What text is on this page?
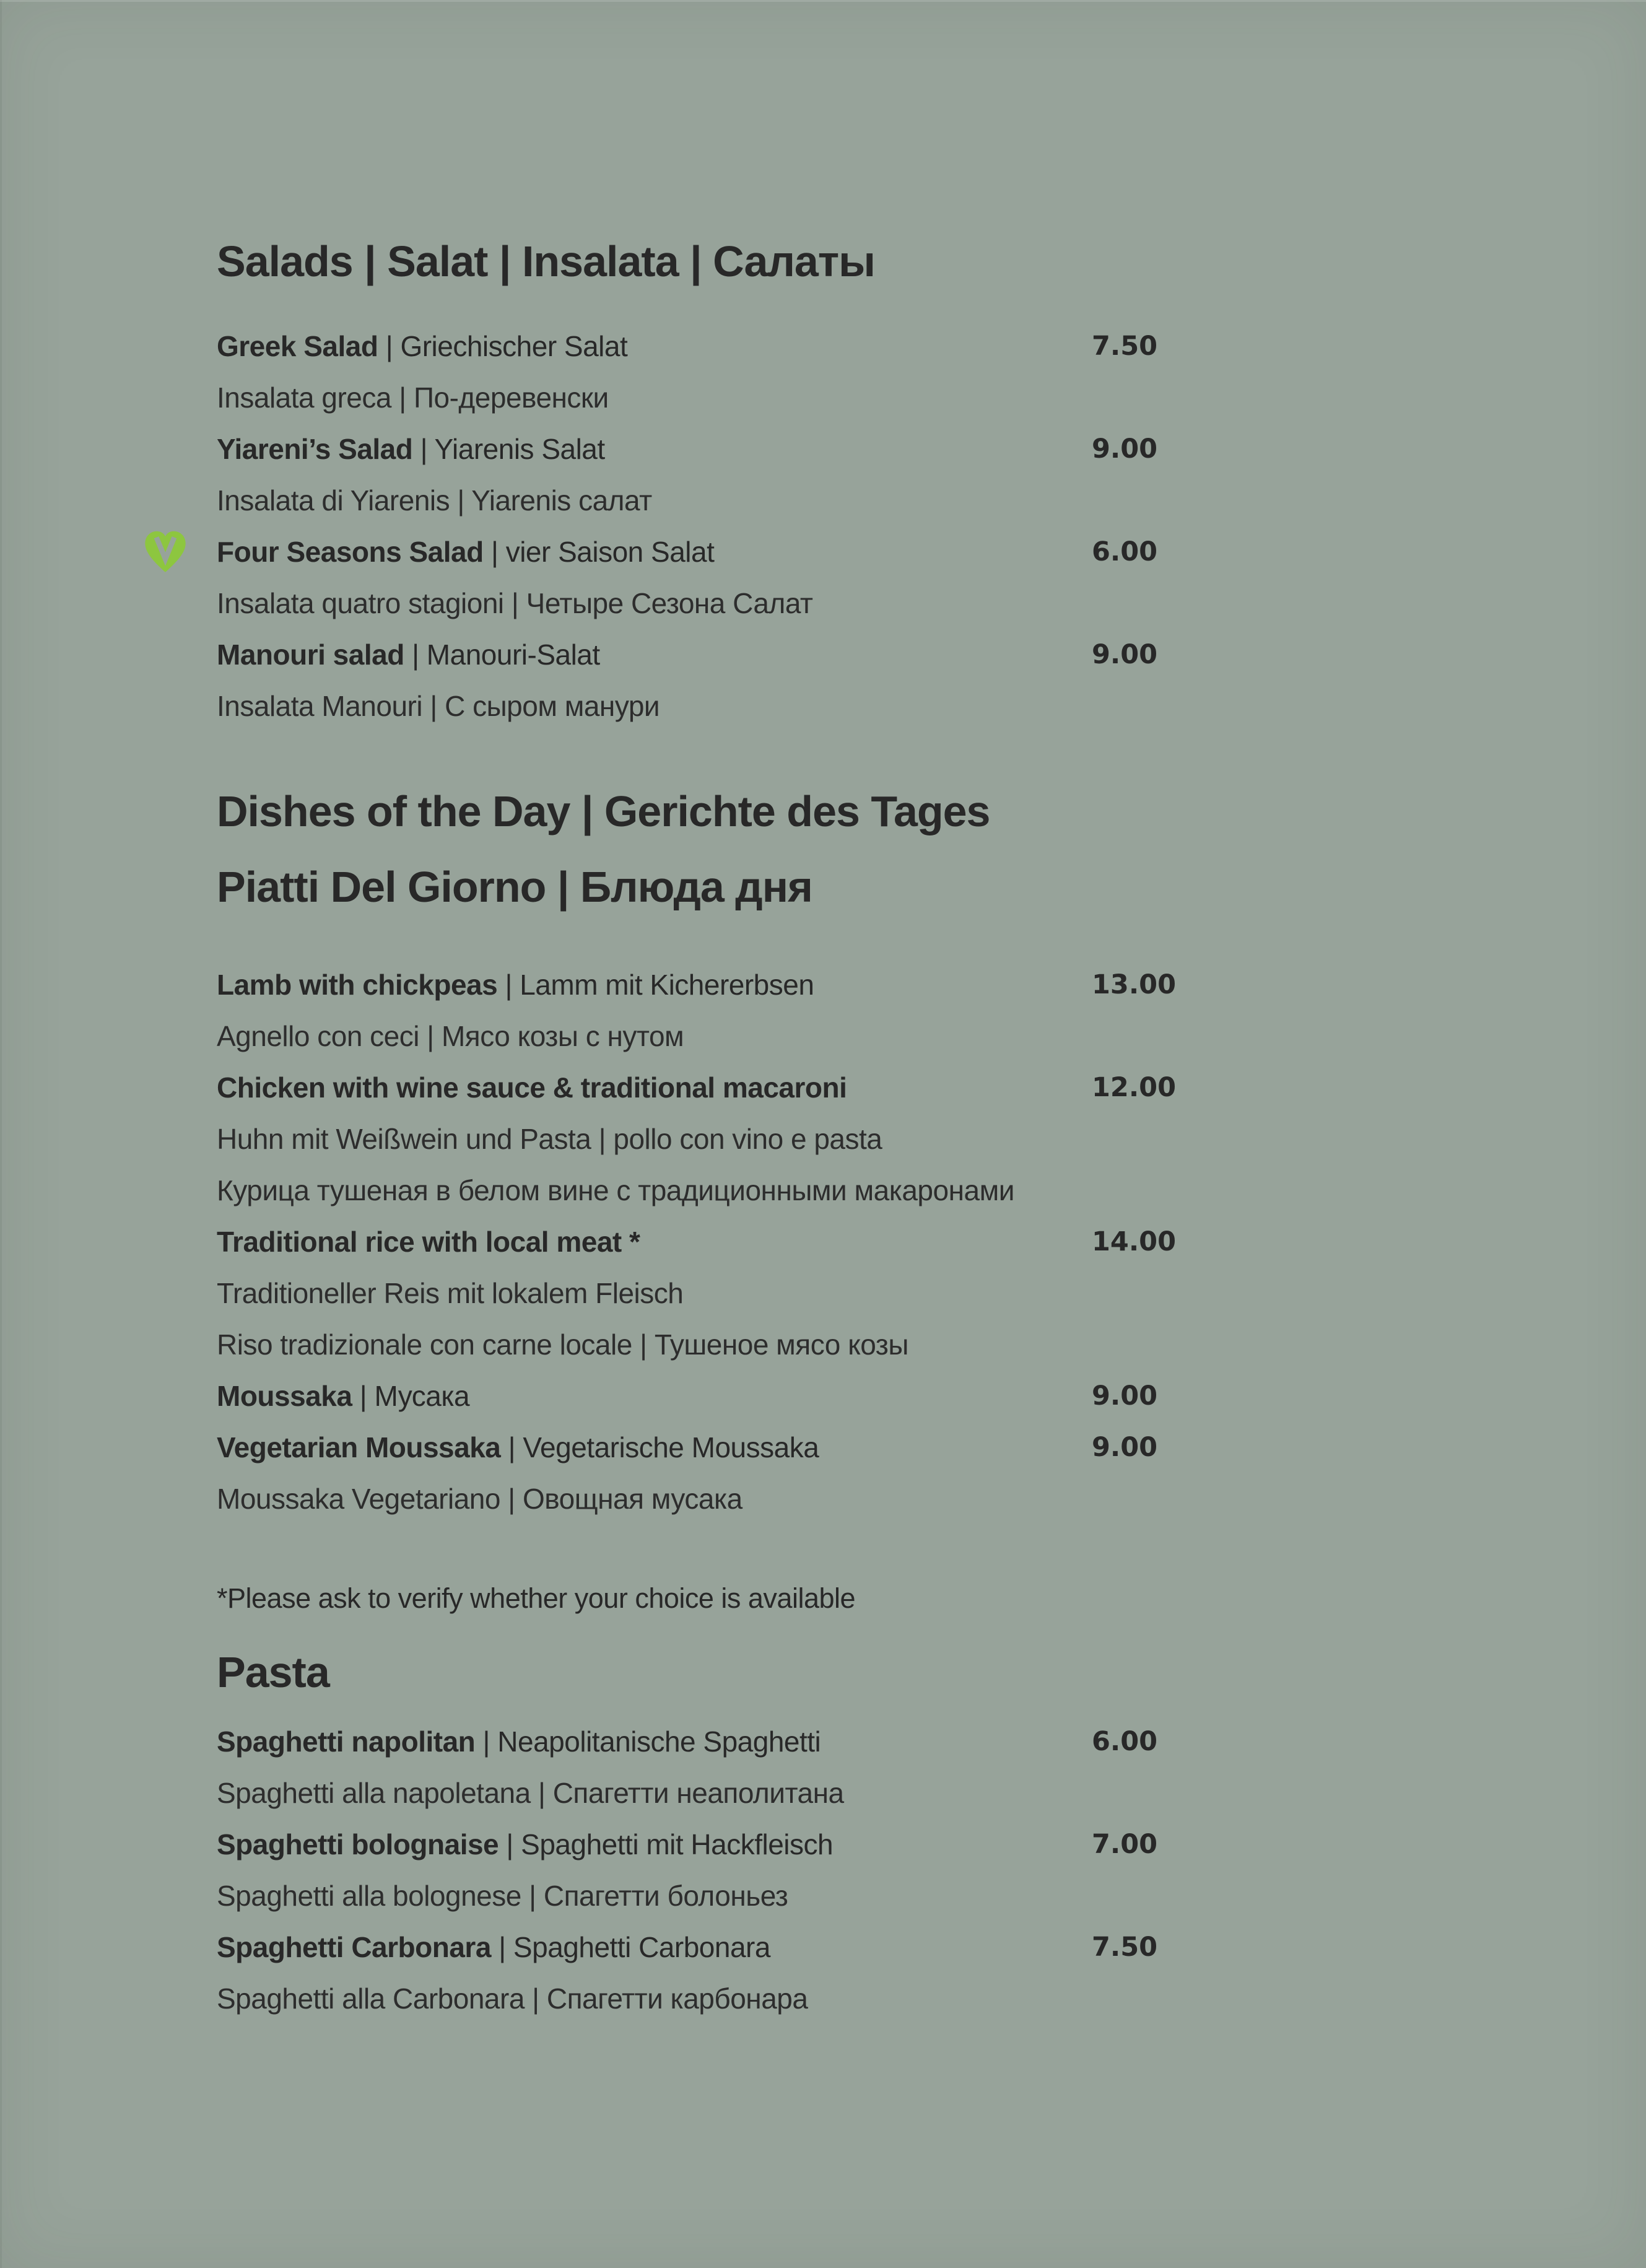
Salads | Salat | Insalata | Салаты
Greek Salad | Griechischer Salat	7.50
Insalata greca | По-деревенски
Yiareni’s Salad | Yiarenis Salat	9.00
Insalata di Yiarenis | Yiarenis салат
Four Seasons Salad | vier Saison Salat	6.00
Insalata quatro stagioni | Четыре Сезона Салат
Manouri salad | Manouri-Salat	9.00
Insalata Manouri | С сыром манури
Dishes of the Day | Gerichte des Tages
Piatti Del Giorno | Блюда дня
Lamb with chickpeas | Lamm mit Kichererbsen	13.00
Agnello con ceci | Мясо козы с нутом
Chicken with wine sauce & traditional macaroni	12.00
Huhn mit Weißwein und Pasta | pollo con vino e pasta
Курица тушеная в белом вине с традиционными макаронами
Traditional rice with local meat *	14.00
Traditioneller Reis mit lokalem Fleisch
Riso tradizionale con carne locale | Тушеное мясо козы
Moussaka | Мусака	9.00
Vegetarian Moussaka | Vegetarische Moussaka	9.00
Moussaka Vegetariano | Овощная мусака
*Please ask to verify whether your choice is available
Pasta
Spaghetti napolitan | Neapolitanische Spaghetti	6.00
Spaghetti alla napoletana | Спагетти неаполитана
Spaghetti bolognaise | Spaghetti mit Hackfleisch	7.00
Spaghetti alla bolognese | Спагетти болоньез
Spaghetti Carbonara | Spaghetti Carbonara	7.50
Spaghetti alla Carbonara | Спагетти карбонара
